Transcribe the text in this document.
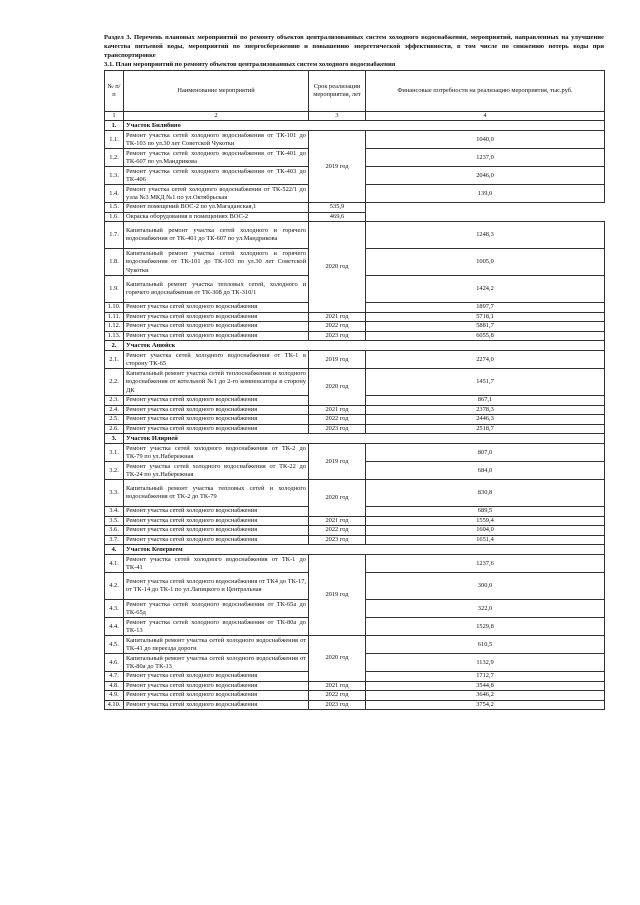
Раздел 3. Перечень плановых мероприятий по ремонту объектов централизованных систем холодного водоснабжения, мероприятий, направленных на улучшение качества питьевой воды, мероприятий по энергосбережению и повышению энергетической эффективности, в том числе по снижению потерь воды при транспортировке

3.1. План мероприятий по ремонту объектов централизованных систем холодного водоснабжения

№ п/п	Наименование мероприятий	Срок реализации мероприятия, лет	Финансовые потребности на реализацию мероприятия, тыс.руб.
1	2	3	4
1.	Участок Билибино		
1.1.	Ремонт участка сетей холодного водоснабжения от ТК-101 до ТК-103 по ул.30 лет Советской Чукотки	2019 год	1040,0
1.2.	Ремонт участка сетей холодного водоснабжения от ТК-401 до ТК-607 по ул.Мандрикова		1237,0
1.3.	Ремонт участка сетей холодного водоснабжения от ТК-403 до ТК-406		2046,0
1.4.	Ремонт участка сетей холодного водоснабжения от ТК-522/1 до узла №3 МКД №1 по ул.Октябрьская		139,0
1.5.	Ремонт помещений ВОС-2 по ул.Магаданская,1	535,9	
1.6.	Окраска оборудования в помещениях ВОС-2	469,6	
1.7.	Капитальный ремонт участка сетей холодного и горячего водоснабжения от ТК-401 до ТК-607 по ул.Мандрикова	2020 год	1248,3
1.8.	Капитальный ремонт участка сетей холодного и горячего водоснабжения от ТК-101 до ТК-103 по ул.30 лет Советской Чукотки		1005,0
1.9.	Капитальный ремонт участка тепловых сетей, холодного и горячего водоснабжения от ТК-308 до ТК-310/1		1424,2
1.10.	Ремонт участка сетей холодного водоснабжения		1897,7
1.11.	Ремонт участка сетей холодного водоснабжения	2021 год	5718,1
1.12.	Ремонт участка сетей холодного водоснабжения	2022 год	5881,7
1.13.	Ремонт участка сетей холодного водоснабжения	2023 год	6055,8
2.	Участок Анюйск		
2.1.	Ремонт участка сетей холодного водоснабжения от ТК-1 в сторону ТК-65	2019 год	2274,0
2.2.	Капитальный ремонт участка сетей теплоснабжения и холодного водоснабжения от котельной №1 до 2-го компенсатора в сторону ДК	2020 год	1451,7
2.3.	Ремонт участка сетей холодного водоснабжения		867,1
2.4.	Ремонт участка сетей холодного водоснабжения	2021 год	2378,3
2.5.	Ремонт участка сетей холодного водоснабжения	2022 год	2446,3
2.6.	Ремонт участка сетей холодного водоснабжения	2023 год	2518,7
3.	Участок Илирней		
3.1.	Ремонт участка сетей холодного водоснабжения от ТК-2 до ТК-79 по ул.Набережная	2019 год	807,0
3.2.	Ремонт участка сетей холодного водоснабжения от ТК-22 до ТК-24 по ул.Набережная		684,0
3.3.	Капитальный ремонт участка тепловых сетей и холодного водоснабжения от ТК-2 до ТК-79	2020 год	830,8
3.4.	Ремонт участка сетей холодного водоснабжения		689,5
3.5.	Ремонт участка сетей холодного водоснабжения	2021 год	1559,4
3.6.	Ремонт участка сетей холодного водоснабжения	2022 год	1604,0
3.7.	Ремонт участка сетей холодного водоснабжения	2023 год	1651,4
4.	Участок Кепервеем		
4.1.	Ремонт участка сетей холодного водоснабжения от ТК-1 до ТК-41	2019 год	1237,6
4.2.	Ремонт участка сетей холодного водоснабжения от ТК4 до ТК-17, от ТК-14 до ТК-1 по ул.Лапицкого и Центральная		300,0
4.3.	Ремонт участка сетей холодного водоснабжения от ТК-65а до ТК-65д		322,0
4.4.	Ремонт участка сетей холодного водоснабжения от ТК-80а до ТК-13		1529,8
4.5.	Капитальный ремонт участка сетей холодного водоснабжения от ТК-41 до переезда дороги	2020 год	610,5
4.6.	Капитальный ремонт участка сетей холодного водоснабжения от ТК-80а до ТК-13		1132,9
4.7.	Ремонт участка сетей холодного водоснабжения		1712,7
4.8.	Ремонт участка сетей холодного водоснабжения	2021 год	3544,8
4.9.	Ремонт участка сетей холодного водоснабжения	2022 год	3646,2
4.10.	Ремонт участка сетей холодного водоснабжения	2023 год	3754,2
